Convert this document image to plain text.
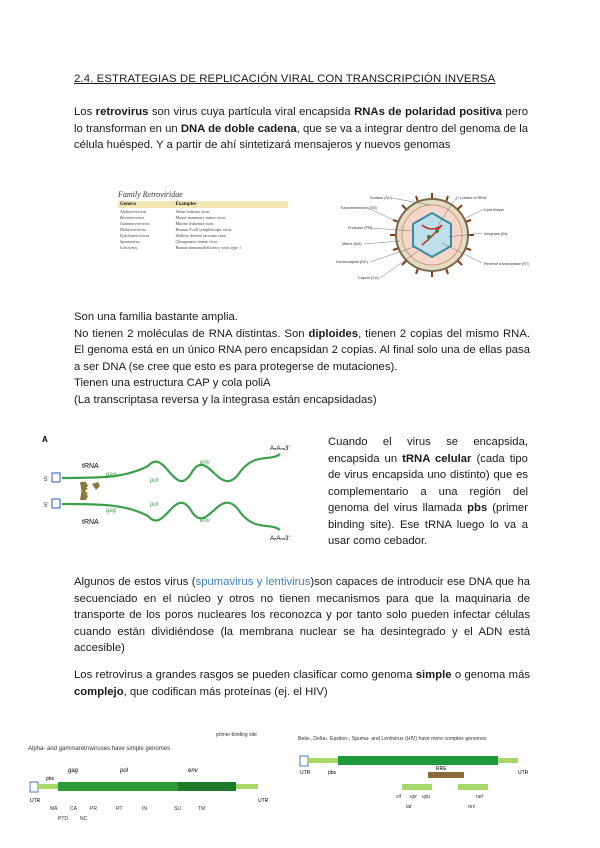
2.4. ESTRATEGIAS DE REPLICACIÓN VIRAL CON TRANSCRIPCIÓN INVERSA
Los retrovirus son virus cuya partícula viral encapsida RNAs de polaridad positiva pero lo transforman en un DNA de doble cadena, que se va a integrar dentro del genoma de la célula huésped. Y a partir de ahí sintetizará mensajeros y nuevos genomas
Family Retroviridae
Genera	Examples
Alpharetrovirus	Avian leukosis virus
Betaretrovirus	Mouse mammary tumor virus
Gammaretrovirus	Murine leukemia virus
Deltaretrovirus	Human T-cell lymphotropic virus
Epsilonretrovirus	Walleye dermal sarcoma virus
Spumavirus	Chimpanzee foamy virus
Lentivirus	Human immunodeficiency virus type 1
Surface (SU)
Transmembrane (TM)
Protease (PR)
Matrix (MA)
Nucleocapsid (NC)
Capsid (CA)
(+) strand of tRNA
Lipid bilayer
Integrase (IN)
Reverse transcriptase (RT)
Son una familia bastante amplia.
No tienen 2 moléculas de RNA distintas. Son diploides, tienen 2 copias del mismo RNA. El genoma está en un único RNA pero encapsidan 2 copias. Al final solo una de ellas pasa a ser DNA (se cree que esto es para protegerse de mutaciones).
Tienen una estructura CAP y cola poliA
(La transcriptasa reversa y la integrasa están encapsidadas)
A
5'
5'
tRNA
tRNA
gag
gag
pol
pol
env
env
AₙAₙₙ3'
AₙAₙₙ3'
Cuando el virus se encapsida, encapsida un tRNA celular (cada tipo de virus encapsida uno distinto) que es complementario a una región del genoma del virus llamada pbs (primer binding site). Ese tRNA luego lo va a usar como cebador.
Algunos de estos virus (spumavirus y lentivirus)son capaces de introducir ese DNA que ha secuenciado en el núcleo y otros no tienen mecanismos para que la maquinaria de transporte de los poros nucleares los reconozca y por tanto solo pueden infectar células cuando están dividiéndose (la membrana nuclear se ha desintegrado y el ADN está accesible)
Los retrovirus a grandes rasgos se pueden clasificar como genoma simple o genoma más complejo, que codifican más proteínas (ej. el HIV)
primer binding site
Alpha- and gammaretroviruses have simple genomes
gag	pol	env
UTR	UTR
pbs
MA	CA	PR	RT	IN	SU	TM
PTD NC
Beta-, Delta-, Epsilon-, Spuma- and Lentivirus (HIV) have more complex genomes
RRE
UTR	UTR
pbs
vif vpr vpu
tat	rev
nef
